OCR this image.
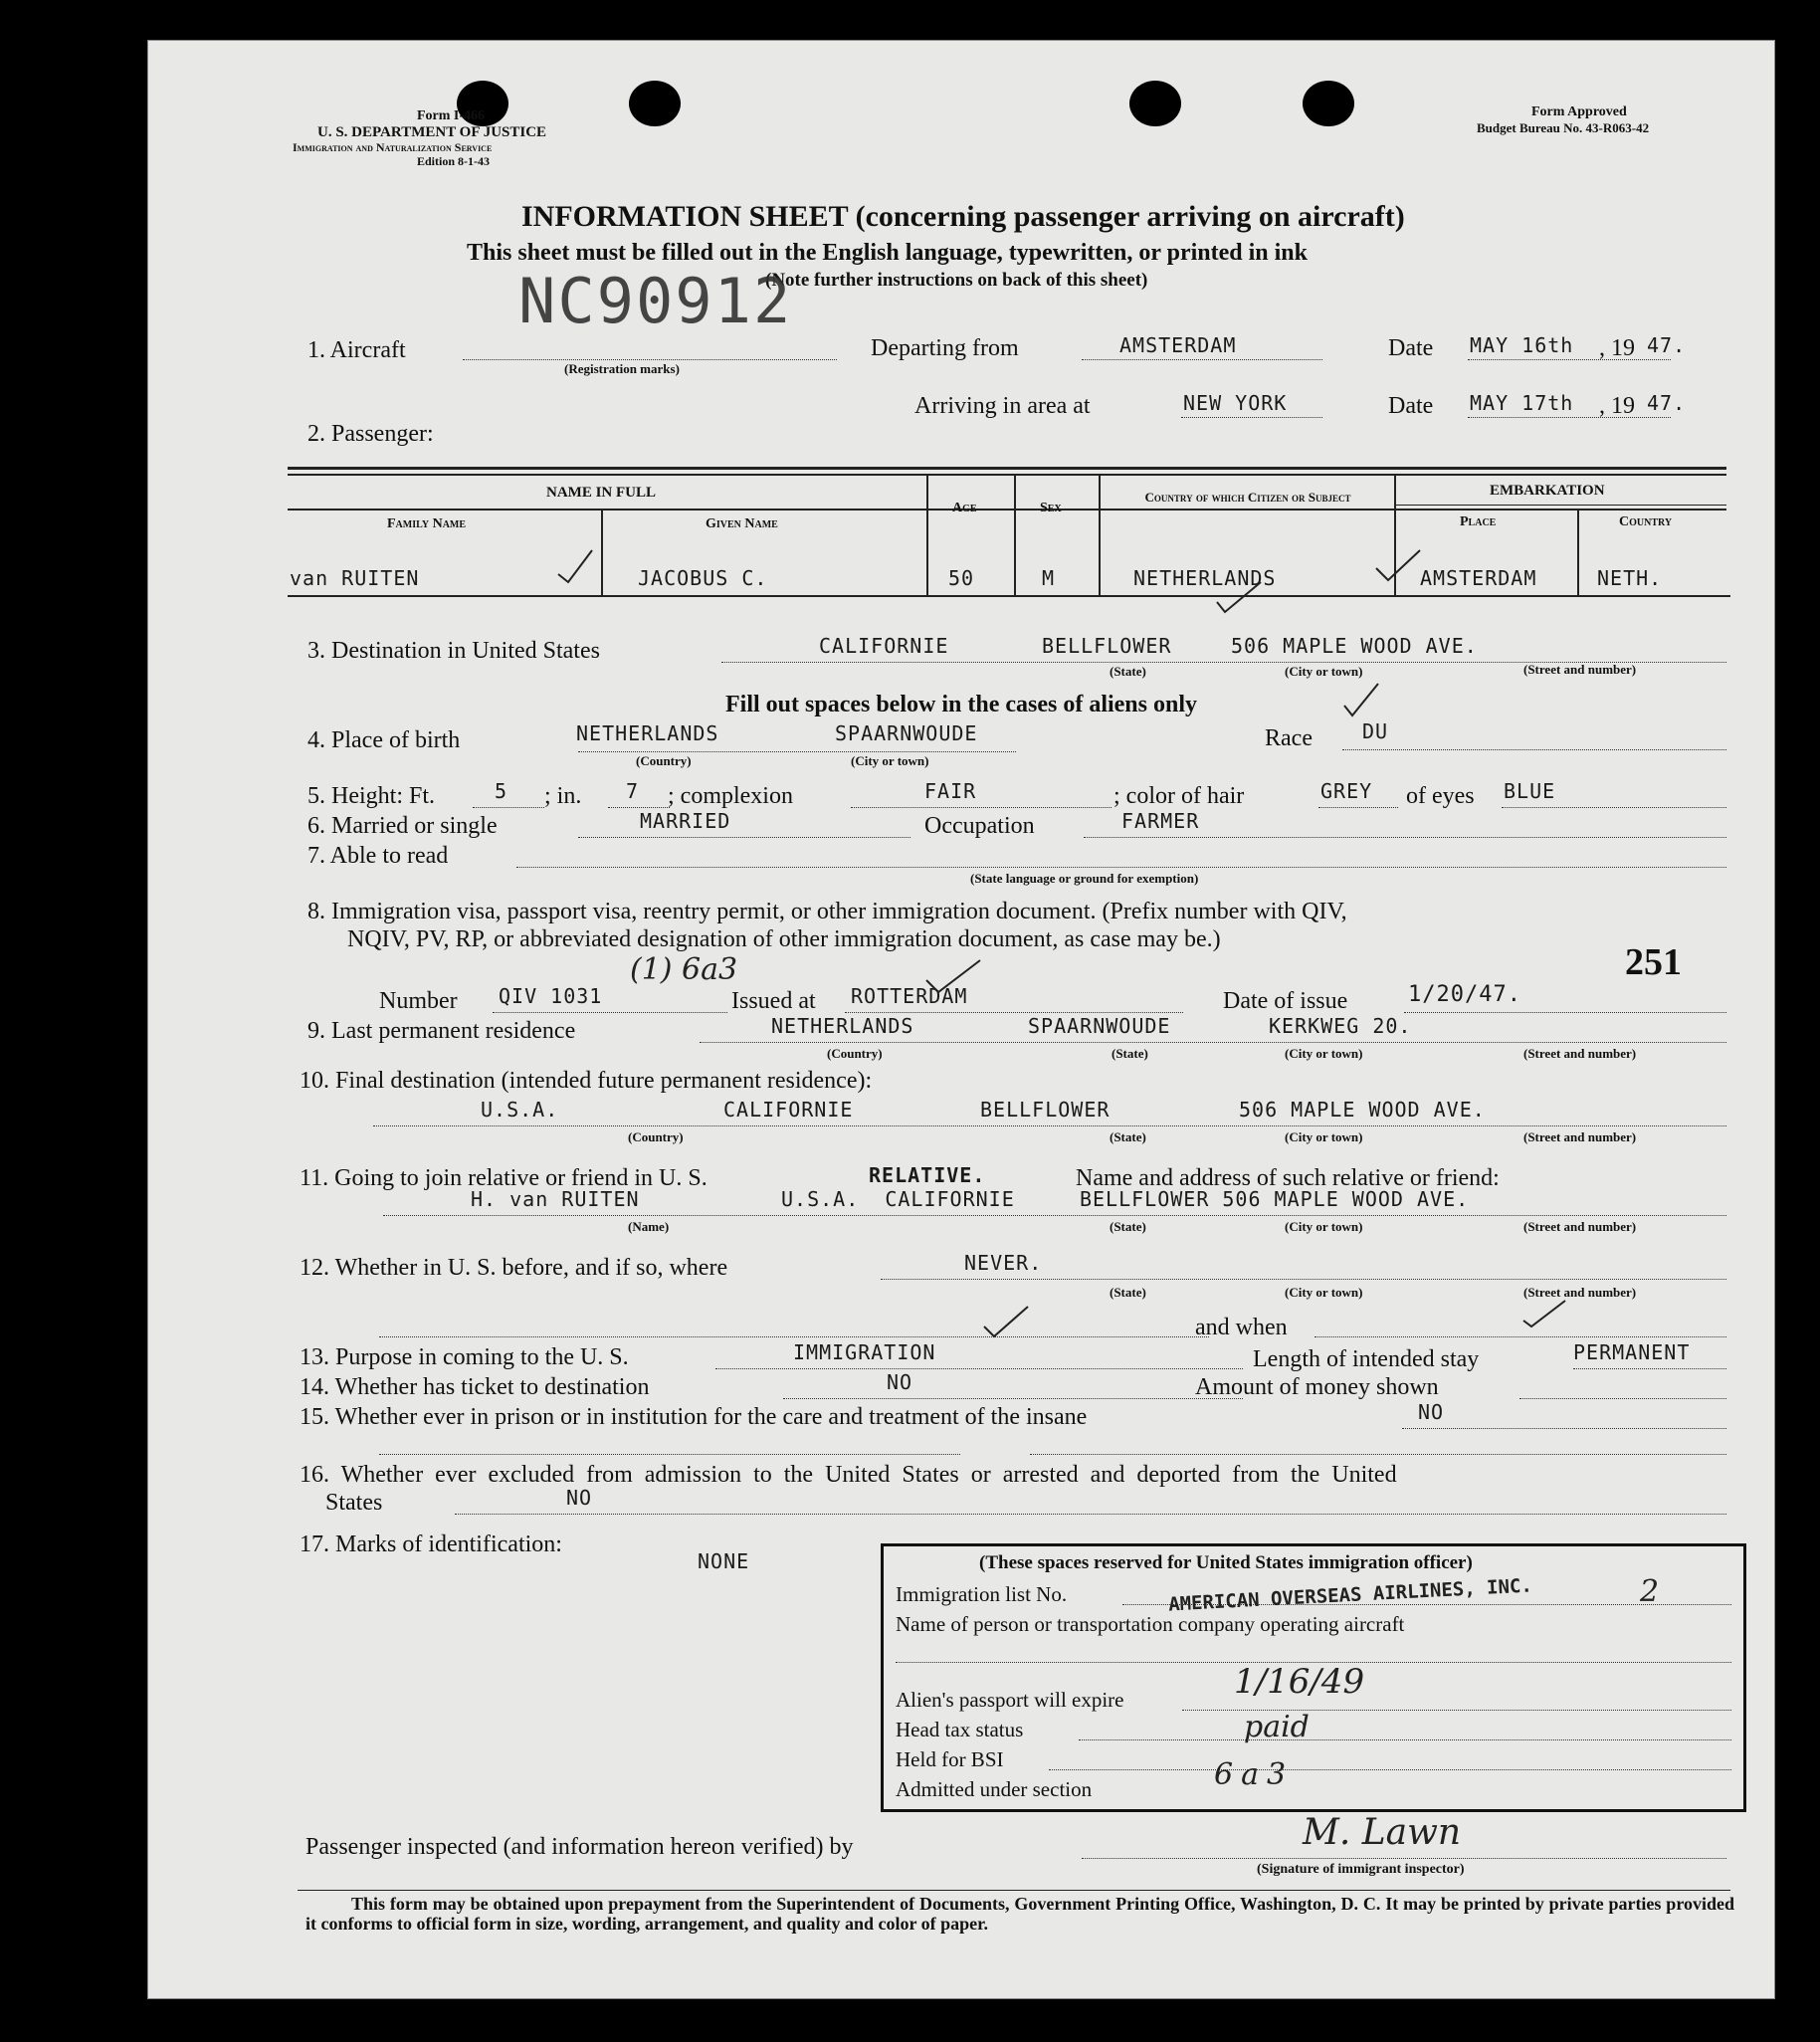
Form I-466
U. S. DEPARTMENT OF JUSTICE
Immigration and Naturalization Service
Edition 8-1-43
Form Approved
Budget Bureau No. 43-R063-42
INFORMATION SHEET (concerning passenger arriving on aircraft)
This sheet must be filled out in the English language, typewritten, or printed in ink
(Note further instructions on back of this sheet)
NC90912
1. Aircraft
(Registration marks)
Departing from	AMSTERDAM	Date MAY 16th , 19 47.
Arriving in area at	NEW YORK	Date MAY 17th , 19 47.
2. Passenger:
NAME IN FULL
Family Name	Given Name
Age	Sex
Country of which Citizen or Subject	EMBARKATION
Place	Country
van RUITEN	JACOBUS C.	50	M	NETHERLANDS	AMSTERDAM	NETH.
3. Destination in United States	CALIFORNIE	BELLFLOWER	506 MAPLE WOOD AVE.
(State)	(City or town)	(Street and number)
Fill out spaces below in the cases of aliens only
4. Place of birth	NETHERLANDS	SPAARNWOUDE
(Country)	(City or town)
Race	DU
5. Height: Ft.	5 ; in. 7 ; complexion	FAIR	; color of hair	GREY of eyes BLUE
6. Married or single	MARRIED	Occupation	FARMER
7. Able to read
(State language or ground for exemption)
8. Immigration visa, passport visa, reentry permit, or other immigration document. (Prefix number with QIV,
NQIV, PV, RP, or abbreviated designation of other immigration document, as case may be.)
251
Number QIV 1031
(1) 6a3
Issued at ROTTERDAM	Date of issue	1/20/47.
9. Last permanent residence	NETHERLANDS	SPAARNWOUDE	KERKWEG 20.
(Country)	(State)	(City or town)	(Street and number)
10. Final destination (intended future permanent residence):
U.S.A.	CALIFORNIE	BELLFLOWER	506 MAPLE WOOD AVE.
(Country)	(State)	(City or town)	(Street and number)
11. Going to join relative or friend in U. S.	RELATIVE.	Name and address of such relative or friend:
H. van RUITEN	U.S.A.  CALIFORNIE     BELLFLOWER 506 MAPLE WOOD AVE.
(Name)	(State)	(City or town)	(Street and number)
12. Whether in U. S. before, and if so, where	NEVER.
(State)	(City or town)	(Street and number)
and when
13. Purpose in coming to the U. S.	IMMIGRATION	Length of intended stay	PERMANENT
14. Whether has ticket to destination	NO	Amount of money shown
15. Whether ever in prison or in institution for the care and treatment of the insane	NO
16. Whether ever excluded from admission to the United States or arrested and deported from the United
States	NO
17. Marks of identification:
NONE	(These spaces reserved for United States immigration officer)
Immigration list No.	AMERICAN OVERSEAS AIRLINES, INC.	2
Name of person or transportation company operating aircraft
Alien's passport will expire	1/16/49
Head tax status	paid
Held for BSI
Admitted under section	6a3
Passenger inspected (and information hereon verified) by	M. Lawn
(Signature of immigrant inspector)
This form may be obtained upon prepayment from the Superintendent of Documents, Government Printing Office, Washington, D. C. It may be printed by private parties provided it conforms to official form in size, wording, arrangement, and quality and color of paper.
